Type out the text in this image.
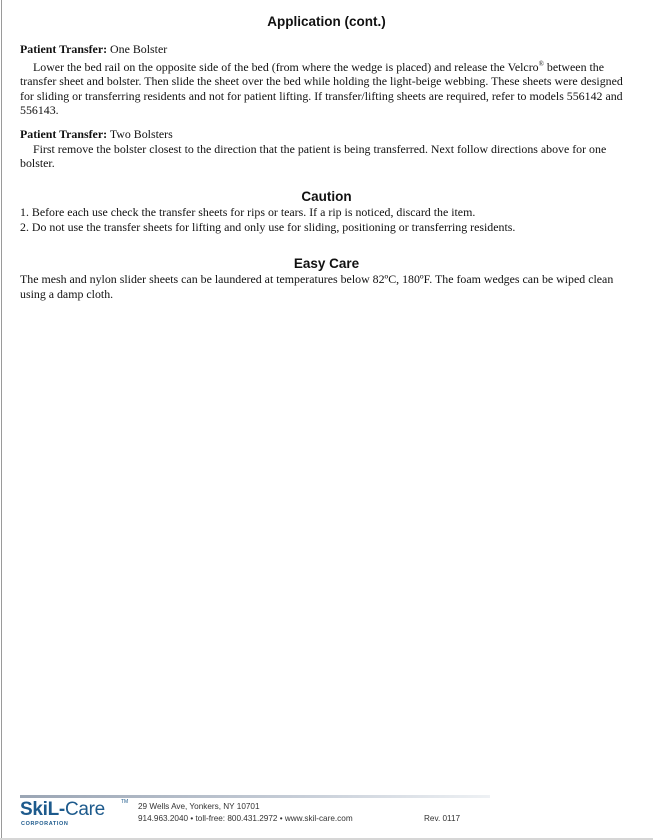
Application (cont.)

Patient Transfer: One Bolster

Lower the bed rail on the opposite side of the bed (from where the wedge is placed) and release the Velcro® between the transfer sheet and bolster. Then slide the sheet over the bed while holding the light-beige webbing. These sheets were designed for sliding or transferring residents and not for patient lifting. If transfer/lifting sheets are required, refer to models 556142 and 556143.

Patient Transfer: Two Bolsters

First remove the bolster closest to the direction that the patient is being transferred. Next follow directions above for one bolster.

Caution

1. Before each use check the transfer sheets for rips or tears. If a rip is noticed, discard the item.

2. Do not use the transfer sheets for lifting and only use for sliding, positioning or transferring residents.

Easy Care
The mesh and nylon slider sheets can be laundered at temperatures below 82ºC, 180ºF. The foam wedges can be wiped clean using a damp cloth.
SkiL-Care	TM
CORPORATION
29 Wells Ave, Yonkers, NY 10701
914.963.2040 • toll-free: 800.431.2972 • www.skil-care.com	Rev. 0117
